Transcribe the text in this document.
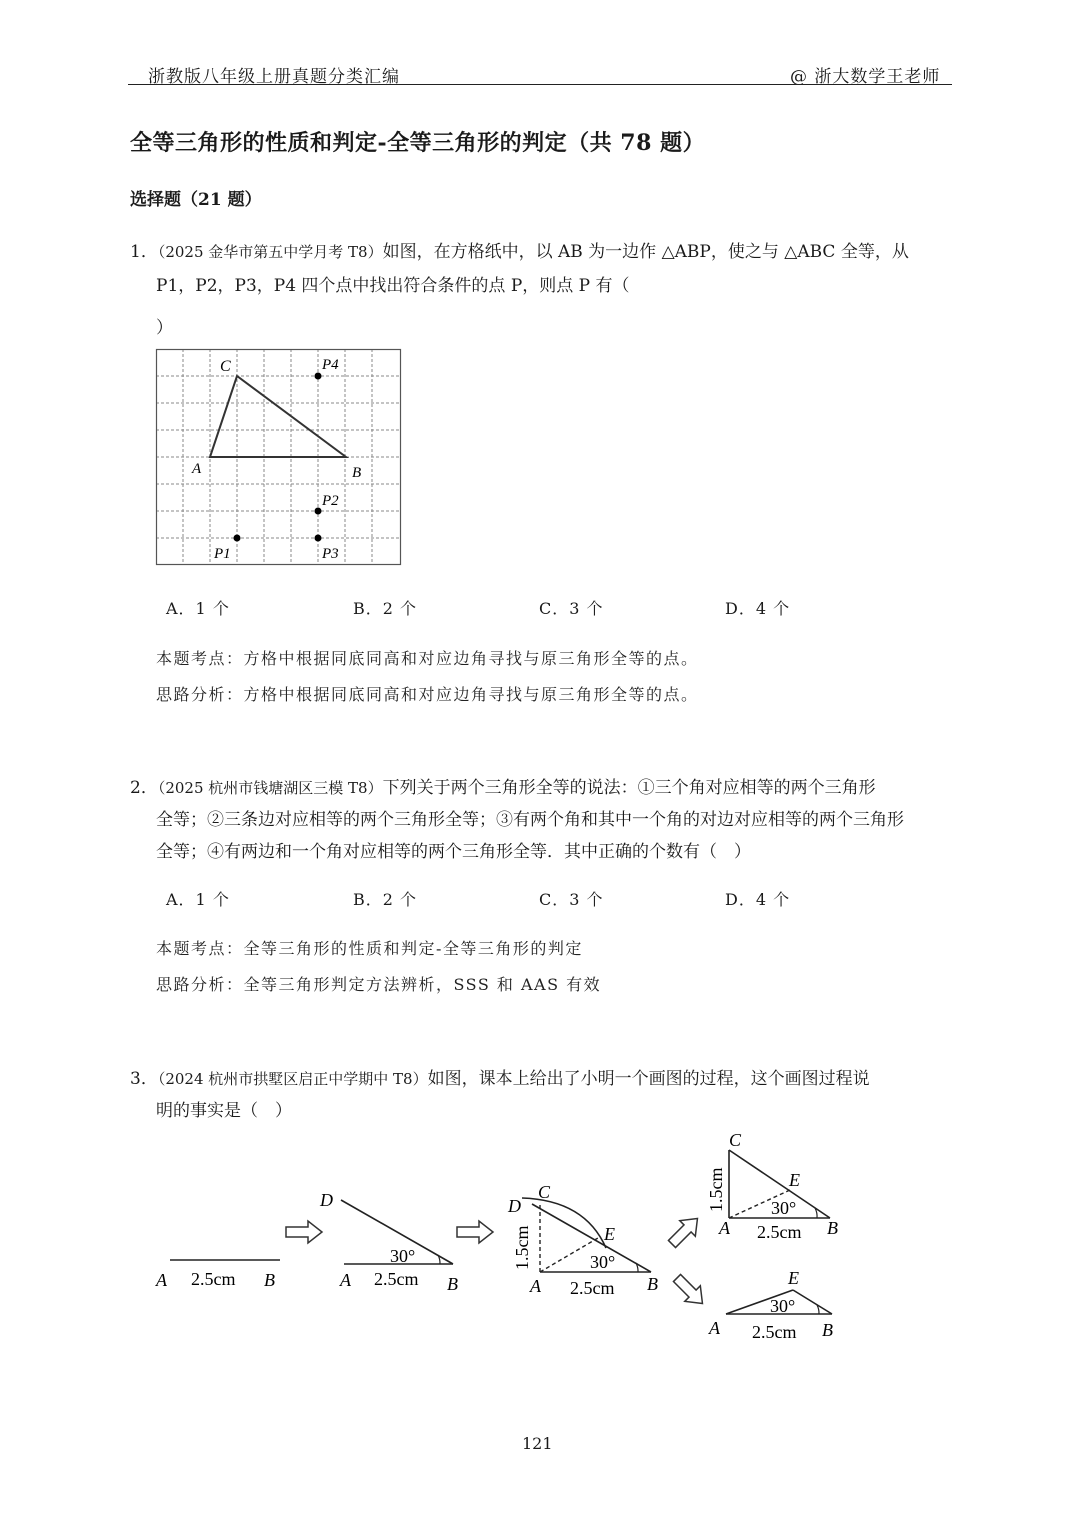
浙教版八年级上册真题分类汇编	@ 浙大数学王老师
全等三角形的性质和判定-全等三角形的判定（共 78 题）
选择题（21 题）
1．（2025 金华市第五中学月考 T8）如图，在方格纸中，以 AB 为一边作 △ABP，使之与 △ABC 全等，从
P1，P2，P3，P4 四个点中找出符合条件的点 P，则点 P 有（
）
C
A	B
P4
P2
P1	P3
A．1 个	B．2 个	C．3 个	D．4 个
本题考点：方格中根据同底同高和对应边角寻找与原三角形全等的点。
思路分析：方格中根据同底同高和对应边角寻找与原三角形全等的点。
2．（2025 杭州市钱塘湖区三模 T8）下列关于两个三角形全等的说法：①三个角对应相等的两个三角形
全等；②三条边对应相等的两个三角形全等；③有两个角和其中一个角的对边对应相等的两个三角形
全等；④有两边和一个角对应相等的两个三角形全等．其中正确的个数有（　）
A．1 个	B．2 个	C．3 个	D．4 个
本题考点：全等三角形的性质和判定-全等三角形的判定
思路分析：全等三角形判定方法辨析，SSS 和 AAS 有效
3．（2024 杭州市拱墅区启正中学期中 T8）如图，课本上给出了小明一个画图的过程，这个画图过程说
明的事实是（　）
A 2.5cm B
D
30°
A 2.5cm B
D
C
E
1.5cm	30°
A 2.5cm B
C
E
1.5cm	30°
A 2.5cm B
E
30°
A 2.5cm B
121
